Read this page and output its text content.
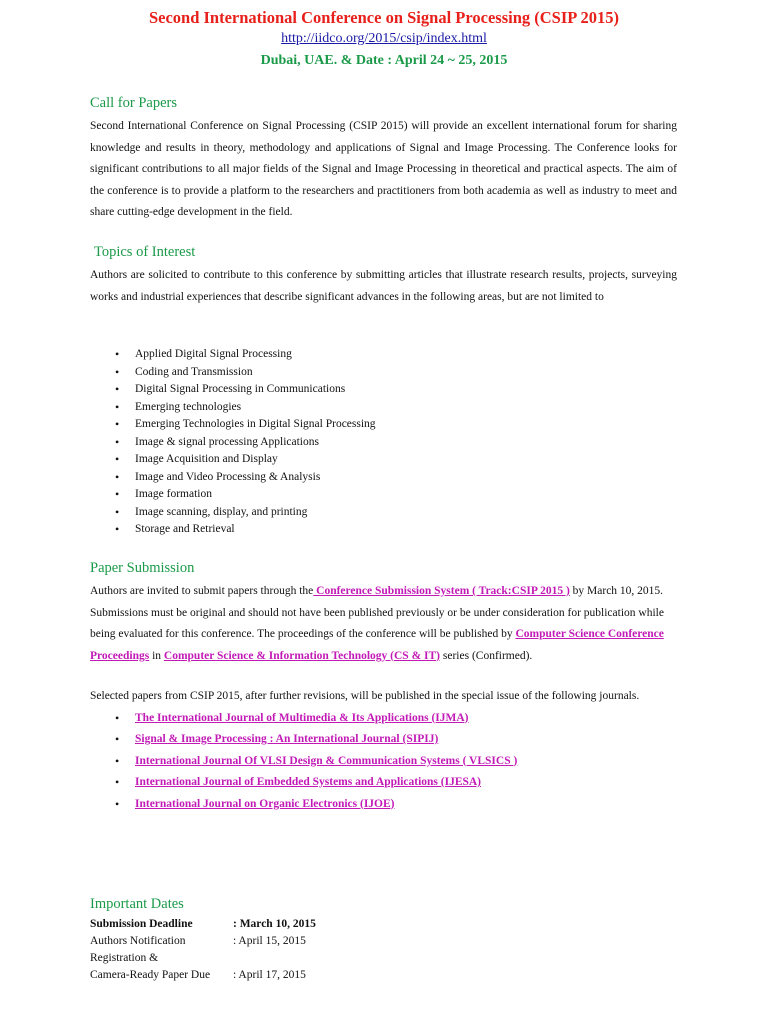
Second International Conference on Signal Processing (CSIP 2015)

http://iidco.org/2015/csip/index.html
Dubai, UAE. & Date : April 24 ~ 25, 2015
Call for Papers

Second International Conference on Signal Processing (CSIP 2015) will provide an excellent international forum for sharing knowledge and results in theory, methodology and applications of Signal and Image Processing. The Conference looks for significant contributions to all major fields of the Signal and Image Processing in theoretical and practical aspects. The aim of the conference is to provide a platform to the researchers and practitioners from both academia as well as industry to meet and share cutting-edge development in the field.

Topics of Interest

Authors are solicited to contribute to this conference by submitting articles that illustrate research results, projects, surveying works and industrial experiences that describe significant advances in the following areas, but are not limited to

• Applied Digital Signal Processing
• Coding and Transmission
• Digital Signal Processing in Communications
• Emerging technologies
• Emerging Technologies in Digital Signal Processing
• Image & signal processing Applications
• Image Acquisition and Display
• Image and Video Processing & Analysis
• Image formation
• Image scanning, display, and printing
• Storage and Retrieval
Paper Submission

Authors are invited to submit papers through the Conference Submission System ( Track:CSIP 2015 ) by March 10, 2015. Submissions must be original and should not have been published previously or be under consideration for publication while being evaluated for this conference. The proceedings of the conference will be published by Computer Science Conference Proceedings in Computer Science & Information Technology (CS & IT) series (Confirmed).

Selected papers from CSIP 2015, after further revisions, will be published in the special issue of the following journals.

• The International Journal of Multimedia & Its Applications (IJMA)
• Signal & Image Processing : An International Journal (SIPIJ)
• International Journal Of VLSI Design & Communication Systems ( VLSICS )
• International Journal of Embedded Systems and Applications (IJESA)
• International Journal on Organic Electronics (IJOE)
Important Dates
Submission Deadline	: March 10, 2015
Authors Notification	: April 15, 2015
Registration &	
Camera-Ready Paper Due	: April 17, 2015
